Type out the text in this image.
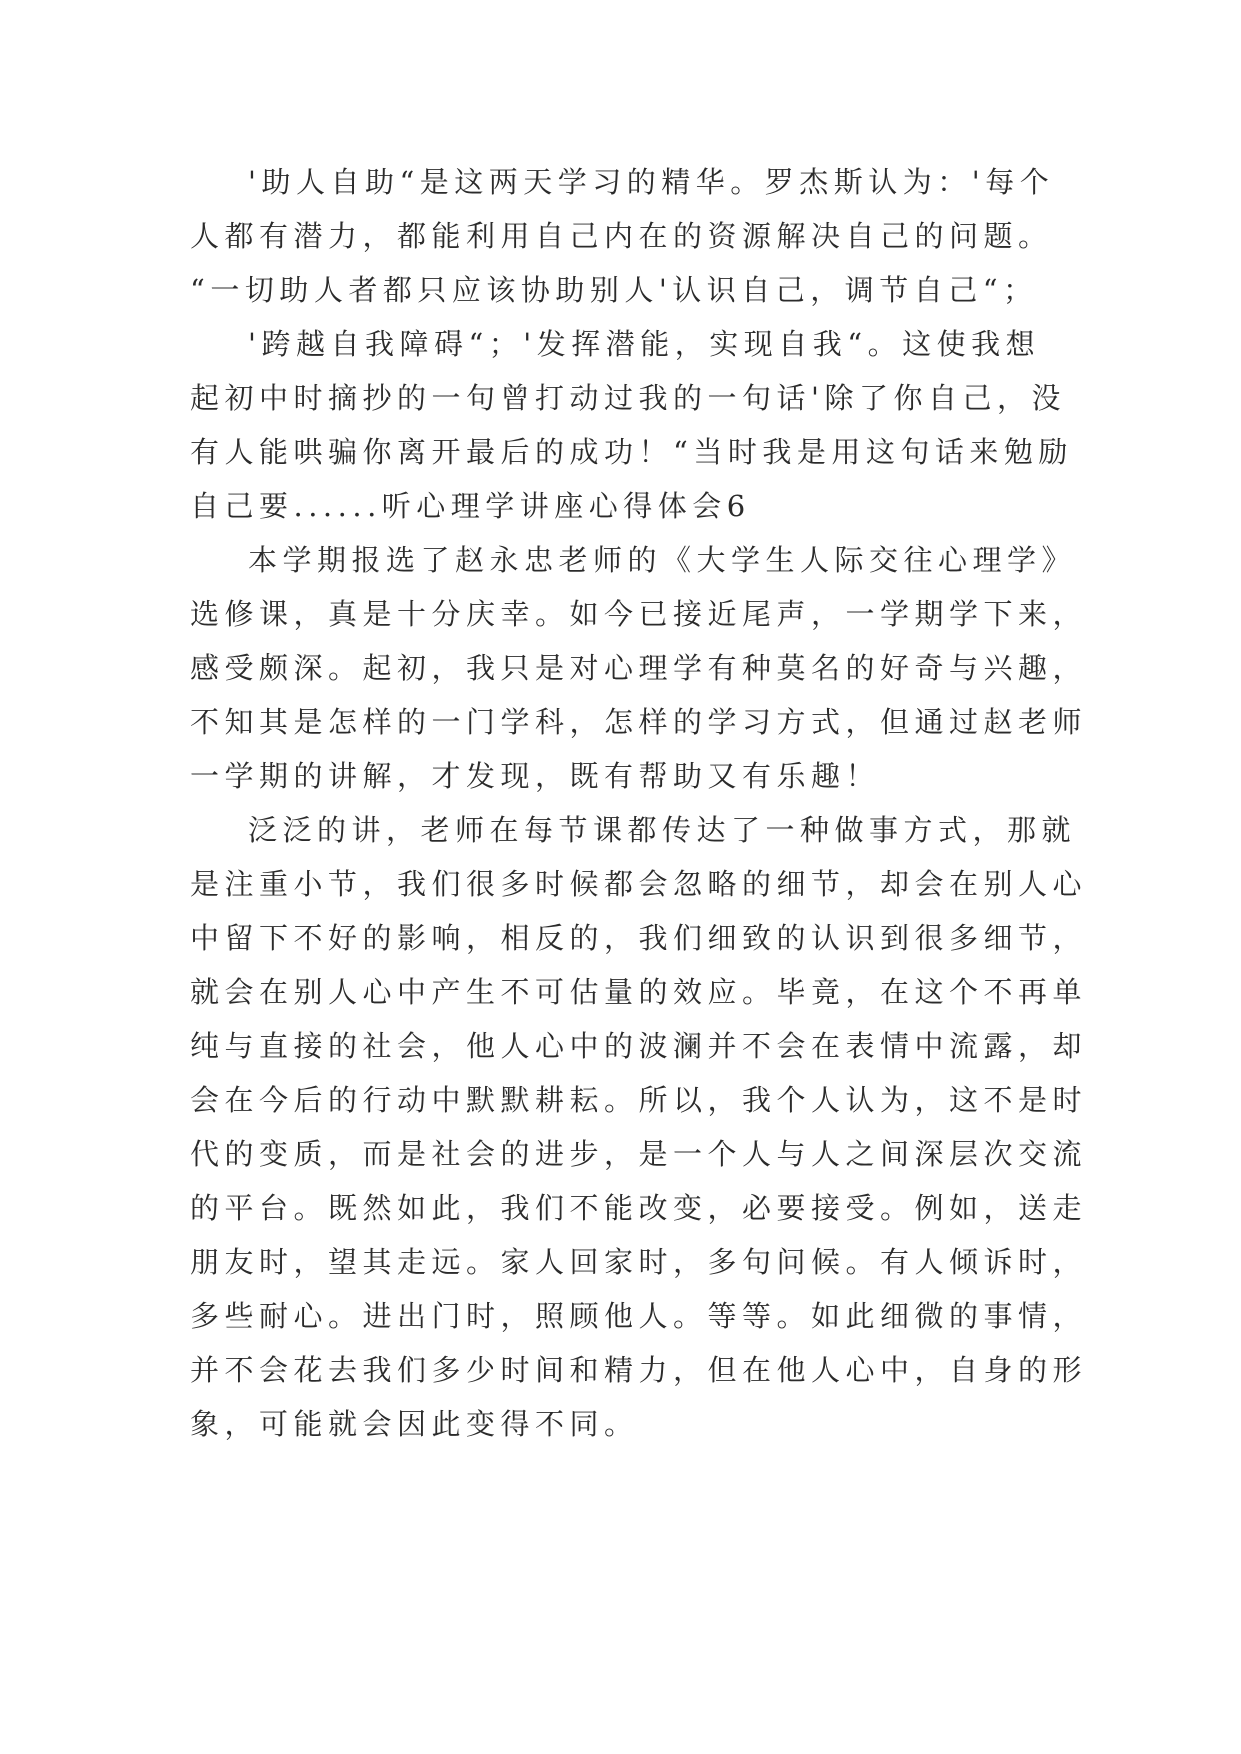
'助人自助“是这两天学习的精华。罗杰斯认为：'每个
人都有潜力，都能利用自己内在的资源解决自己的问题。
“一切助人者都只应该协助别人'认识自己，调节自己“；
'跨越自我障碍“；'发挥潜能，实现自我“。这使我想
起初中时摘抄的一句曾打动过我的一句话'除了你自己，没
有人能哄骗你离开最后的成功！“当时我是用这句话来勉励
自己要......听心理学讲座心得体会6
本学期报选了赵永忠老师的《大学生人际交往心理学》
选修课，真是十分庆幸。如今已接近尾声，一学期学下来，
感受颇深。起初，我只是对心理学有种莫名的好奇与兴趣，
不知其是怎样的一门学科，怎样的学习方式，但通过赵老师
一学期的讲解，才发现，既有帮助又有乐趣！
泛泛的讲，老师在每节课都传达了一种做事方式，那就
是注重小节，我们很多时候都会忽略的细节，却会在别人心
中留下不好的影响，相反的，我们细致的认识到很多细节，
就会在别人心中产生不可估量的效应。毕竟，在这个不再单
纯与直接的社会，他人心中的波澜并不会在表情中流露，却
会在今后的行动中默默耕耘。所以，我个人认为，这不是时
代的变质，而是社会的进步，是一个人与人之间深层次交流
的平台。既然如此，我们不能改变，必要接受。例如，送走
朋友时，望其走远。家人回家时，多句问候。有人倾诉时，
多些耐心。进出门时，照顾他人。等等。如此细微的事情，
并不会花去我们多少时间和精力，但在他人心中，自身的形
象，可能就会因此变得不同。
